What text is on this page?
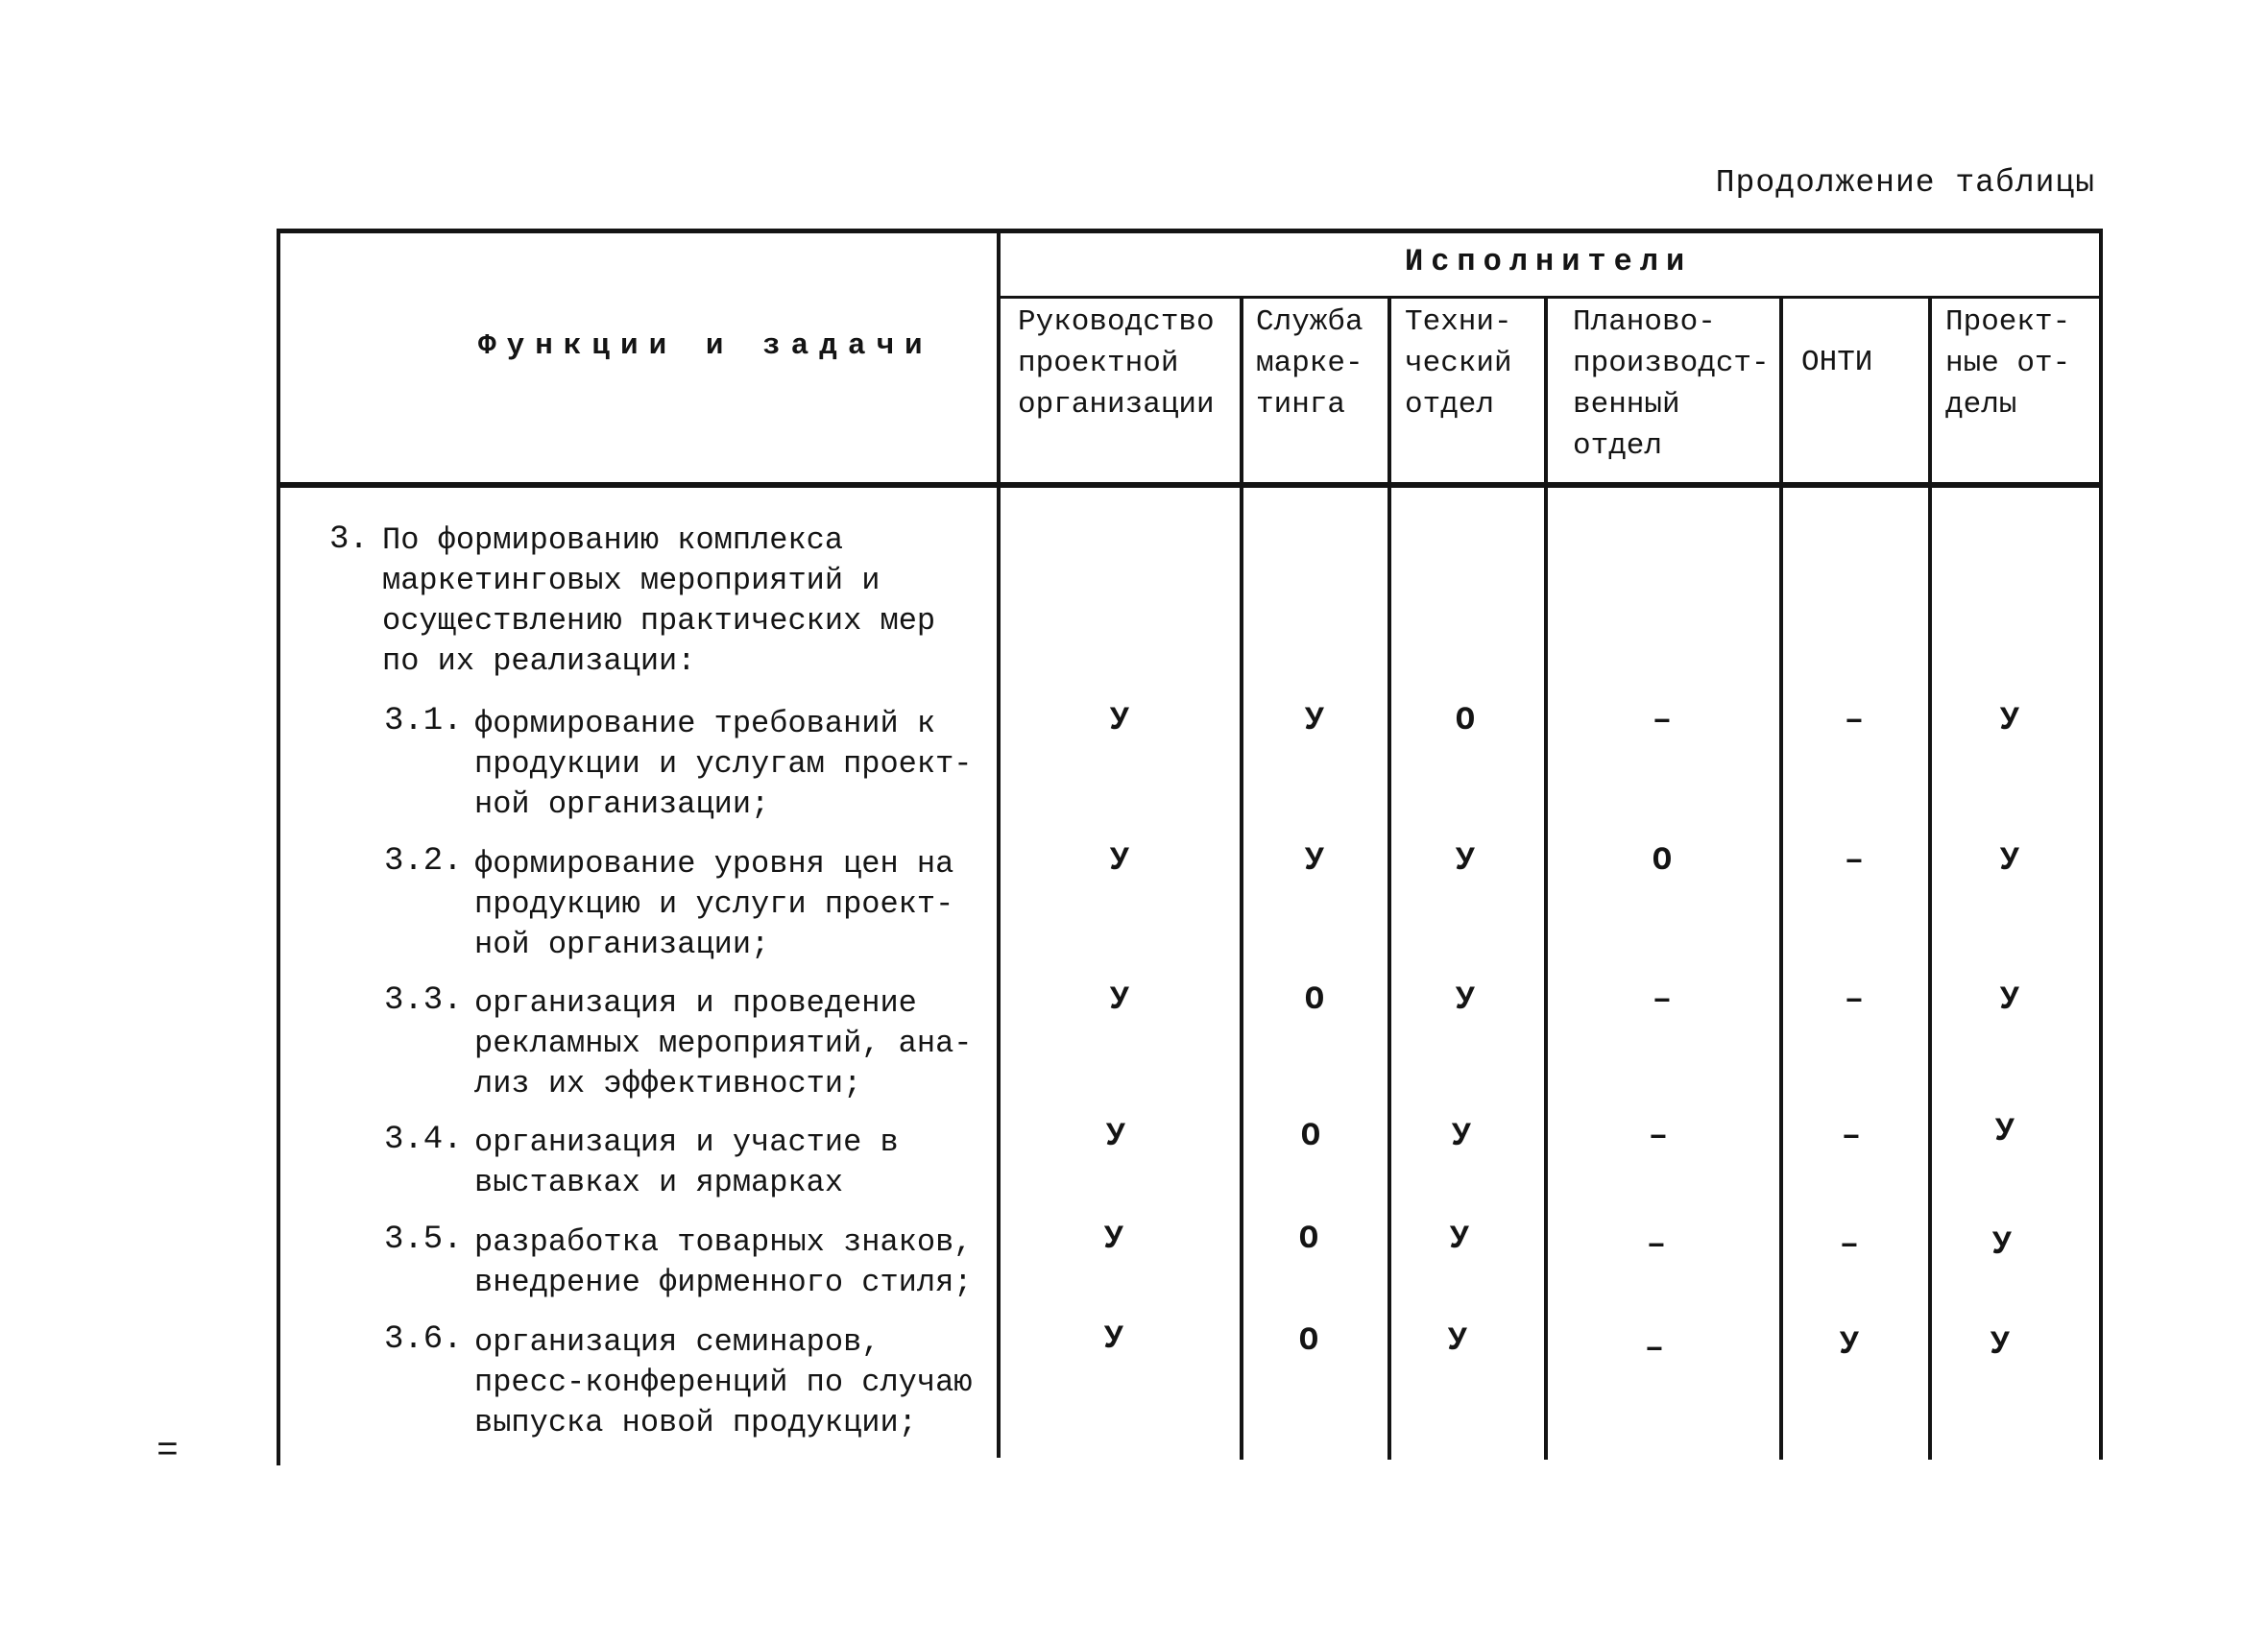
Продолжение таблицы
=
Функции и задачи
Исполнители
Руководство
проектной
организации
Служба
марке-
тинга
Техни-
ческий
отдел
Планово-
производст-
венный
отдел
ОНТИ
Проект-
ные от-
делы
3. По формированию комплекса
маркетинговых мероприятий и
осуществлению практических мер
по их реализации:
3.1. формирование требований к
продукции и услугам проект-
ной организации;
У	У	О	–	–	У
3.2. формирование уровня цен на
продукцию и услуги проект-
ной организации;
У	У	У	О	–	У
3.3. организация и проведение
рекламных мероприятий, ана-
лиз их эффективности;
У	О	У	–	–	У
3.4. организация и участие в
выставках и ярмарках
У	О	У	–	–	У
3.5. разработка товарных знаков,
внедрение фирменного стиля;
У	О	У	–	–	У
3.6. организация семинаров,
пресс-конференций по случаю
выпуска новой продукции;
У	О	У	–	У	У
